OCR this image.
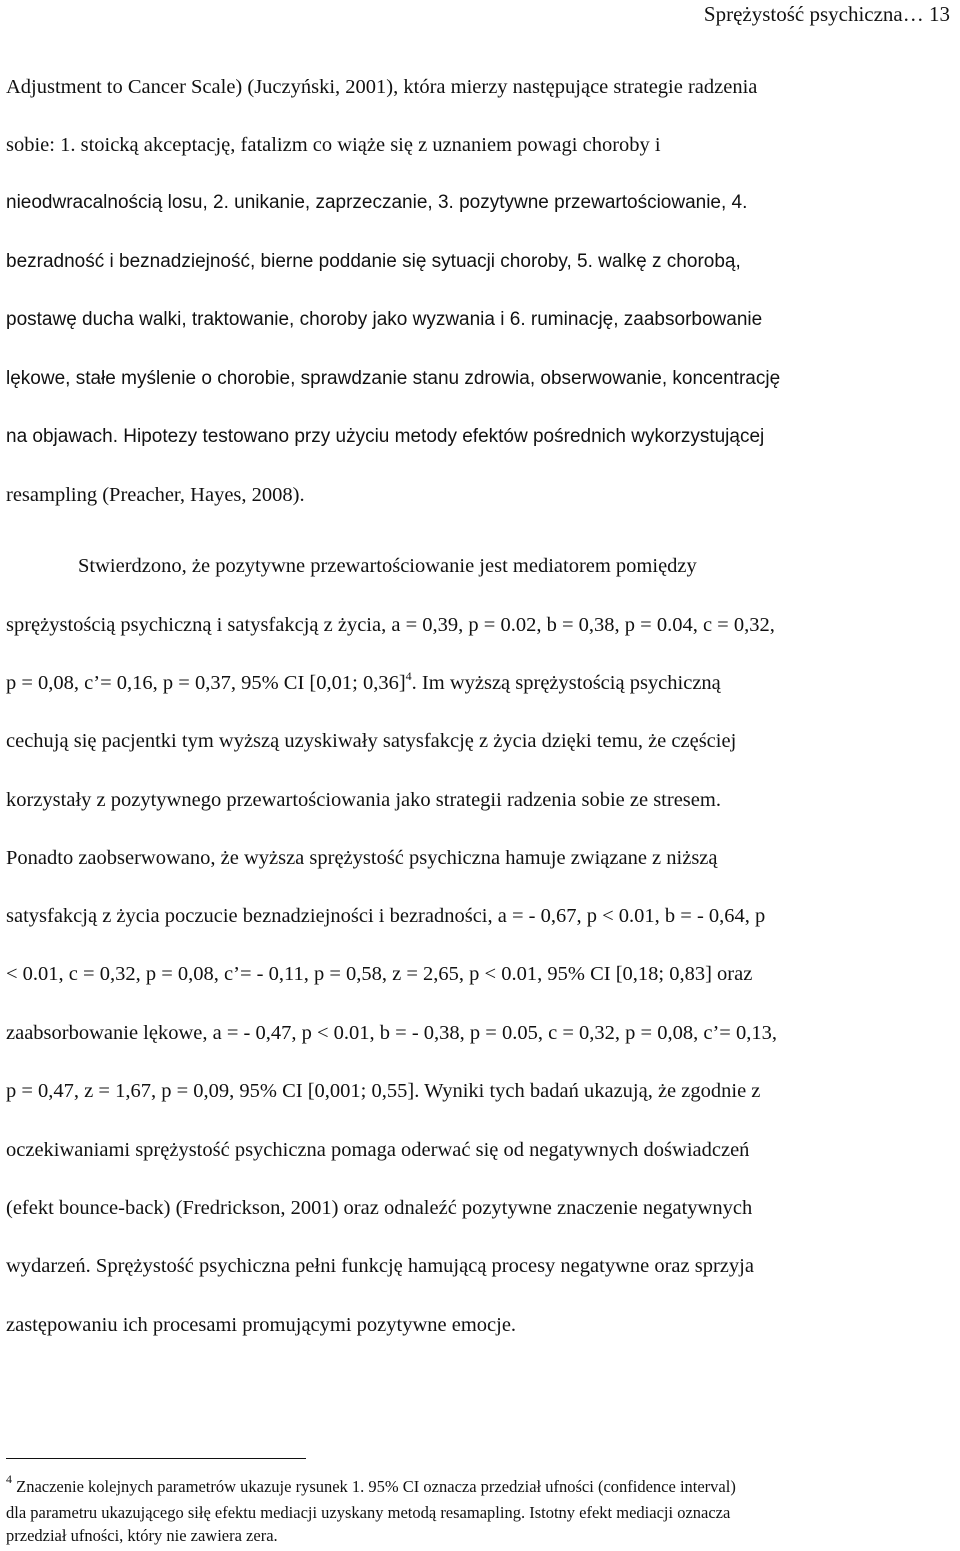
Sprężystość psychiczna… 13
Adjustment to Cancer Scale) (Juczyński, 2001), która mierzy następujące strategie radzenia
sobie: 1. stoicką akceptację, fatalizm co wiąże się z uznaniem powagi choroby i
nieodwracalnością losu, 2. unikanie, zaprzeczanie, 3. pozytywne przewartościowanie, 4.
bezradność i beznadziejność, bierne poddanie się sytuacji choroby, 5. walkę z chorobą,
postawę ducha walki, traktowanie, choroby jako wyzwania i 6. ruminację, zaabsorbowanie
lękowe, stałe myślenie o chorobie, sprawdzanie stanu zdrowia, obserwowanie, koncentrację
na objawach. Hipotezy testowano przy użyciu metody efektów pośrednich wykorzystującej
resampling (Preacher, Hayes, 2008).
Stwierdzono, że pozytywne przewartościowanie jest mediatorem pomiędzy
sprężystością psychiczną i satysfakcją z życia, a = 0,39, p = 0.02, b = 0,38, p = 0.04, c = 0,32,
p = 0,08, c’= 0,16, p = 0,37, 95% CI [0,01; 0,36]$^4$. Im wyższą sprężystością psychiczną
cechują się pacjentki tym wyższą uzyskiwały satysfakcję z życia dzięki temu, że częściej
korzystały z pozytywnego przewartościowania jako strategii radzenia sobie ze stresem.
Ponadto zaobserwowano, że wyższa sprężystość psychiczna hamuje związane z niższą
satysfakcją z życia poczucie beznadziejności i bezradności, a = - 0,67, p < 0.01, b = - 0,64, p
< 0.01, c = 0,32, p = 0,08, c’= - 0,11, p = 0,58, z = 2,65, p < 0.01, 95% CI [0,18; 0,83] oraz
zaabsorbowanie lękowe, a = - 0,47, p < 0.01, b = - 0,38, p = 0.05, c = 0,32, p = 0,08, c’= 0,13,
p = 0,47, z = 1,67, p = 0,09, 95% CI [0,001; 0,55]. Wyniki tych badań ukazują, że zgodnie z
oczekiwaniami sprężystość psychiczna pomaga oderwać się od negatywnych doświadczeń
(efekt bounce-back) (Fredrickson, 2001) oraz odnaleźć pozytywne znaczenie negatywnych
wydarzeń. Sprężystość psychiczna pełni funkcję hamującą procesy negatywne oraz sprzyja
zastępowaniu ich procesami promującymi pozytywne emocje.
$^4$ Znaczenie kolejnych parametrów ukazuje rysunek 1. 95% CI oznacza przedział ufności (confidence interval)
dla parametru ukazującego siłę efektu mediacji uzyskany metodą resamapling. Istotny efekt mediacji oznacza
przedział ufności, który nie zawiera zera.
